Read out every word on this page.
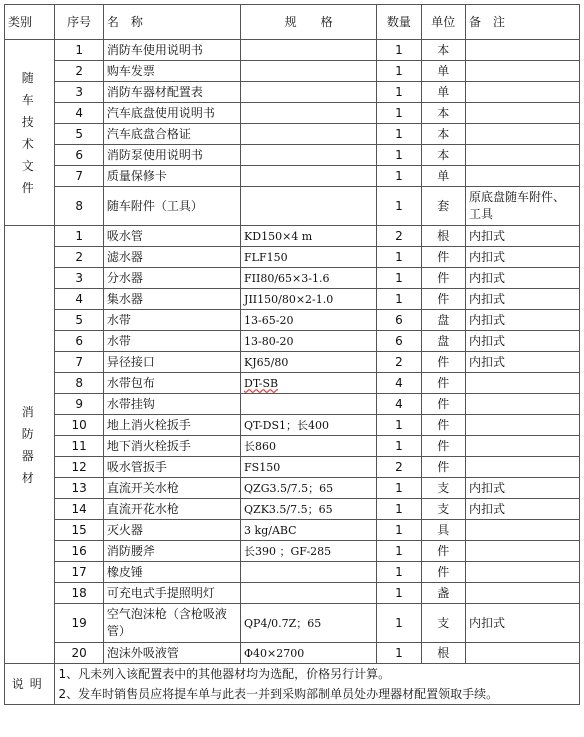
类别	序号	名　称	规　　格	数量	单位	备　注

随　车
技　术
文　件	1	消防车使用说明书		1	本	
	2	购车发票		1	单	
	3	消防车器材配置表		1	单	
	4	汽车底盘使用说明书		1	本	
	5	汽车底盘合格证		1	本	
	6	消防泵使用说明书		1	本	
	7	质量保修卡		1	单	
	8	随车附件（工具）		1	套	原底盘随车附件、工具

消　防
器　材	1	吸水管	KD150×4 m	2	根	内扣式
	2	滤水器	FLF150	1	件	内扣式
	3	分水器	FII80/65×3-1.6	1	件	内扣式
	4	集水器	JII150/80×2-1.0	1	件	内扣式
	5	水带	13-65-20	6	盘	内扣式
	6	水带	13-80-20	6	盘	内扣式
	7	异径接口	KJ65/80	2	件	内扣式
	8	水带包布	DT-SB	4	件	
	9	水带挂钩		4	件	
	10	地上消火栓扳手	QT-DS1；长400	1	件	
	11	地下消火栓扳手	长860	1	件	
	12	吸水管扳手	FS150	2	件	
	13	直流开关水枪	QZG3.5/7.5；65	1	支	内扣式
	14	直流开花水枪	QZK3.5/7.5；65	1	支	内扣式
	15	灭火器	3 kg/ABC	1	具	
	16	消防腰斧	长390 ；GF-285	1	件	
	17	橡皮锤		1	件	
	18	可充电式手提照明灯		1	盏	
	19	空气泡沫枪（含枪吸液管）	QP4/0.7Z；65	1	支	内扣式
	20	泡沫外吸液管	Φ40×2700	1	根	
说明	1、凡未列入该配置表中的其他器材均为选配，价格另行计算。
2、发车时销售员应将提车单与此表一并到采购部制单员处办理器材配置领取手续。					
